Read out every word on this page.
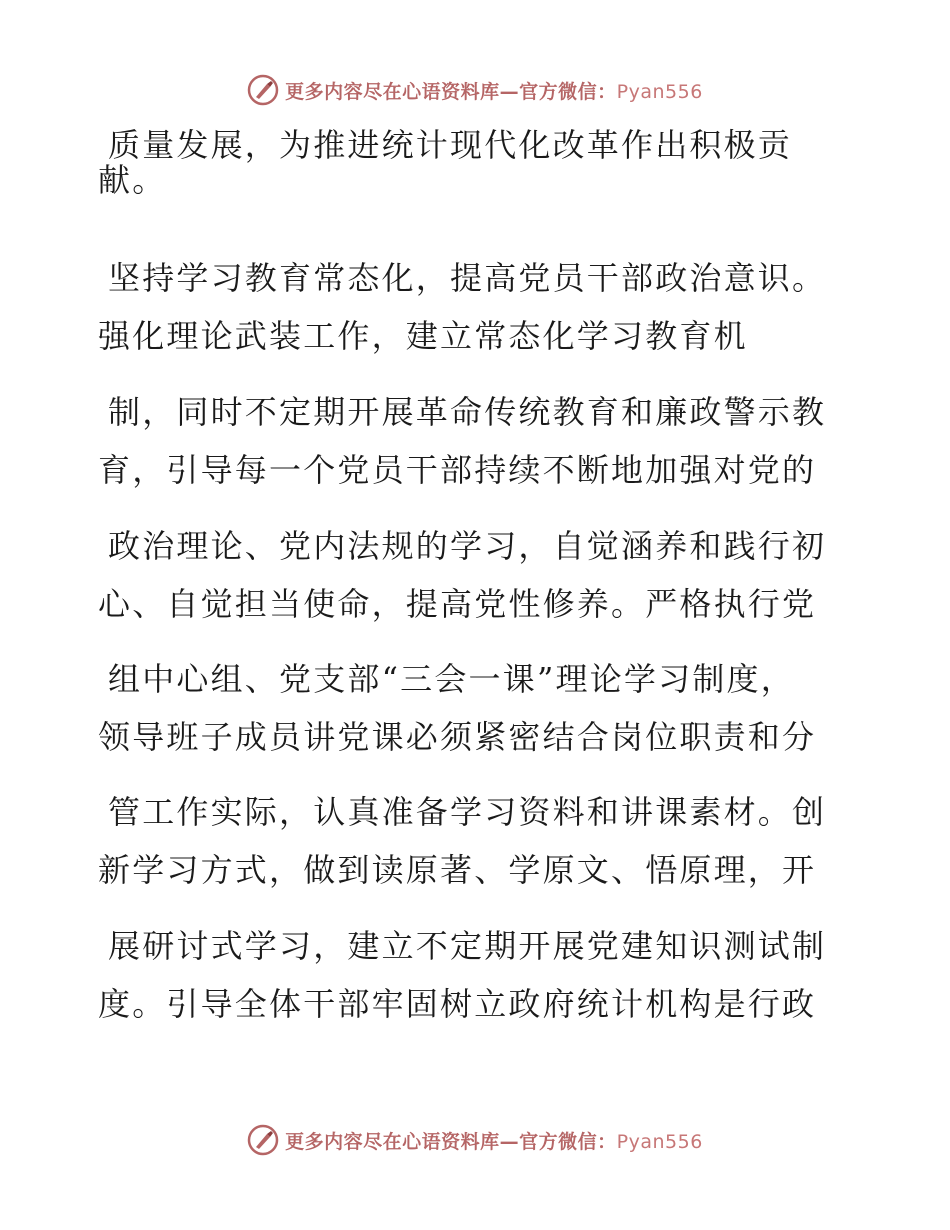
更多内容尽在心语资料库—官方微信：Pyan556
质量发展，为推进统计现代化改革作出积极贡
献。
坚持学习教育常态化，提高党员干部政治意识。
强化理论武装工作，建立常态化学习教育机
制，同时不定期开展革命传统教育和廉政警示教
育，引导每一个党员干部持续不断地加强对党的
政治理论、党内法规的学习，自觉涵养和践行初
心、自觉担当使命，提高党性修养。严格执行党
组中心组、党支部“三会一课”理论学习制度，
领导班子成员讲党课必须紧密结合岗位职责和分
管工作实际，认真准备学习资料和讲课素材。创
新学习方式，做到读原著、学原文、悟原理，开
展研讨式学习，建立不定期开展党建知识测试制
度。引导全体干部牢固树立政府统计机构是行政
更多内容尽在心语资料库—官方微信：Pyan556
